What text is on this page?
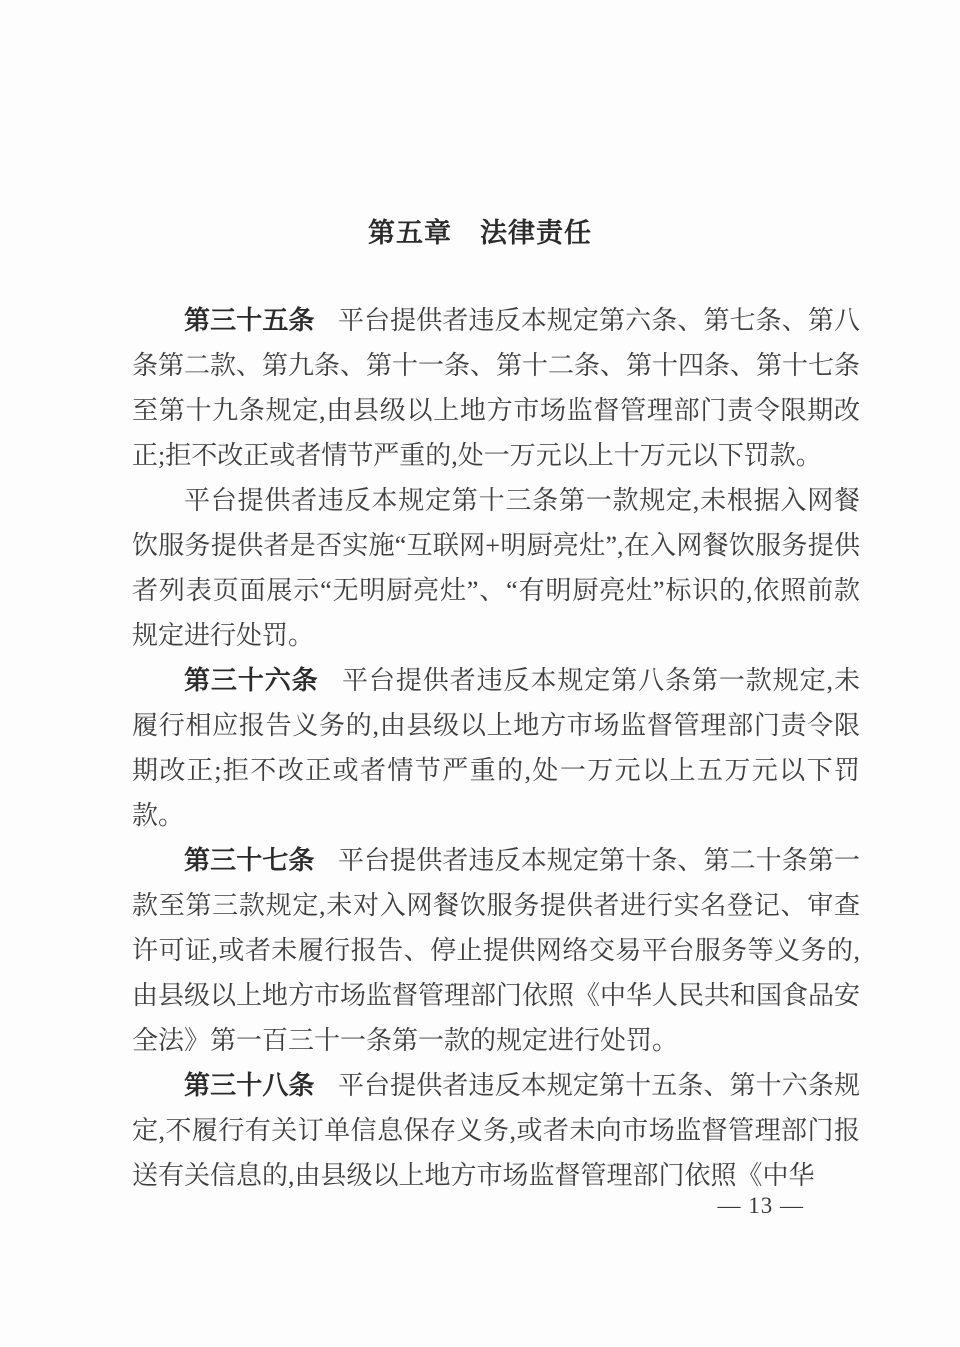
第五章　法律责任

第三十五条 平台提供者违反本规定第六条、第七条、第八条第二款、第九条、第十一条、第十二条、第十四条、第十七条至第十九条规定,由县级以上地方市场监督管理部门责令限期改正;拒不改正或者情节严重的,处一万元以上十万元以下罚款。

平台提供者违反本规定第十三条第一款规定,未根据入网餐饮服务提供者是否实施“互联网+明厨亮灶”,在入网餐饮服务提供者列表页面展示“无明厨亮灶”、“有明厨亮灶”标识的,依照前款规定进行处罚。

第三十六条 平台提供者违反本规定第八条第一款规定,未履行相应报告义务的,由县级以上地方市场监督管理部门责令限期改正;拒不改正或者情节严重的,处一万元以上五万元以下罚款。

第三十七条 平台提供者违反本规定第十条、第二十条第一款至第三款规定,未对入网餐饮服务提供者进行实名登记、审查许可证,或者未履行报告、停止提供网络交易平台服务等义务的,由县级以上地方市场监督管理部门依照《中华人民共和国食品安全法》第一百三十一条第一款的规定进行处罚。

第三十八条 平台提供者违反本规定第十五条、第十六条规定,不履行有关订单信息保存义务,或者未向市场监督管理部门报送有关信息的,由县级以上地方市场监督管理部门依照《中华

— 13 —
